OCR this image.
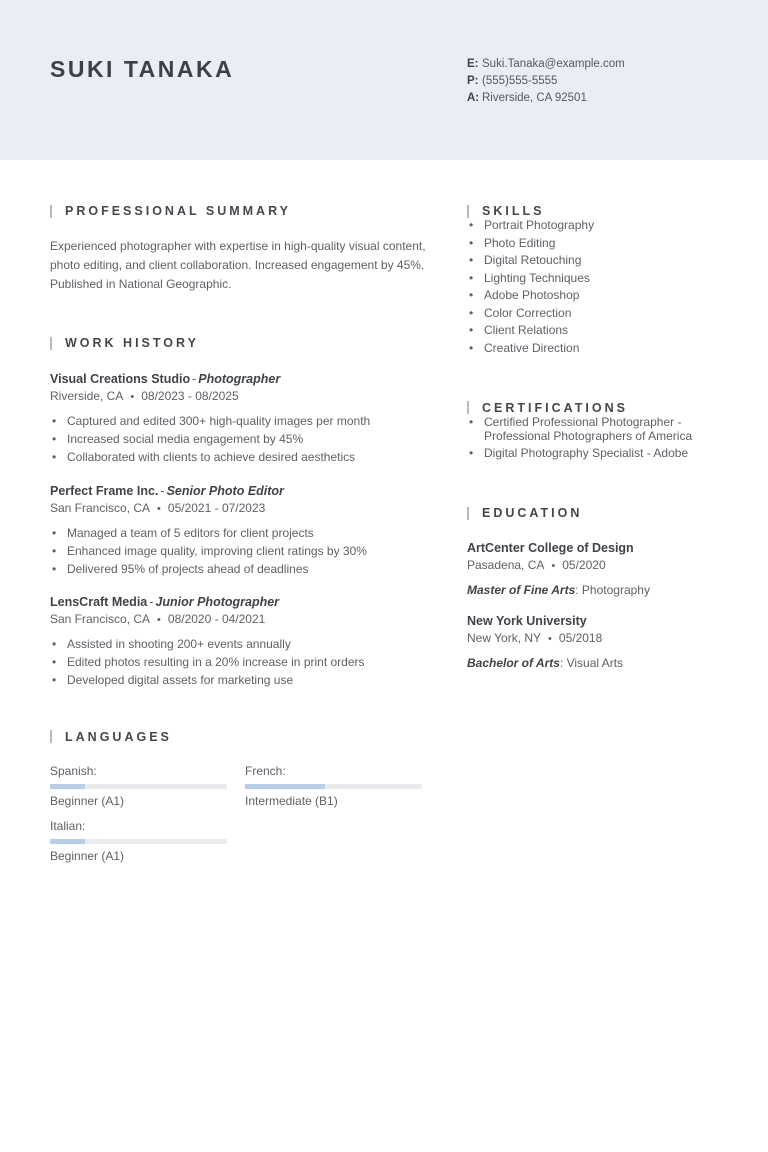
SUKI TANAKA	E: Suki.Tanaka@example.com
P: (555)555-5555
A: Riverside, CA 92501
PROFESSIONAL SUMMARY
Experienced photographer with expertise in high-quality visual content, photo editing, and client collaboration. Increased engagement by 45%. Published in National Geographic.
WORK HISTORY
Visual Creations Studio - Photographer
Riverside, CA • 08/2023 - 08/2025
• Captured and edited 300+ high-quality images per month
• Increased social media engagement by 45%
• Collaborated with clients to achieve desired aesthetics
Perfect Frame Inc. - Senior Photo Editor
San Francisco, CA • 05/2021 - 07/2023
• Managed a team of 5 editors for client projects
• Enhanced image quality, improving client ratings by 30%
• Delivered 95% of projects ahead of deadlines
LensCraft Media - Junior Photographer
San Francisco, CA • 08/2020 - 04/2021
• Assisted in shooting 200+ events annually
• Edited photos resulting in a 20% increase in print orders
• Developed digital assets for marketing use
LANGUAGES
Spanish:
Beginner (A1)
French:
Intermediate (B1)
Italian:
Beginner (A1)
SKILLS
• Portrait Photography
• Photo Editing
• Digital Retouching
• Lighting Techniques
• Adobe Photoshop
• Color Correction
• Client Relations
• Creative Direction
CERTIFICATIONS
• Certified Professional Photographer - Professional Photographers of America
• Digital Photography Specialist - Adobe
EDUCATION
ArtCenter College of Design
Pasadena, CA • 05/2020
Master of Fine Arts: Photography
New York University
New York, NY • 05/2018
Bachelor of Arts: Visual Arts
